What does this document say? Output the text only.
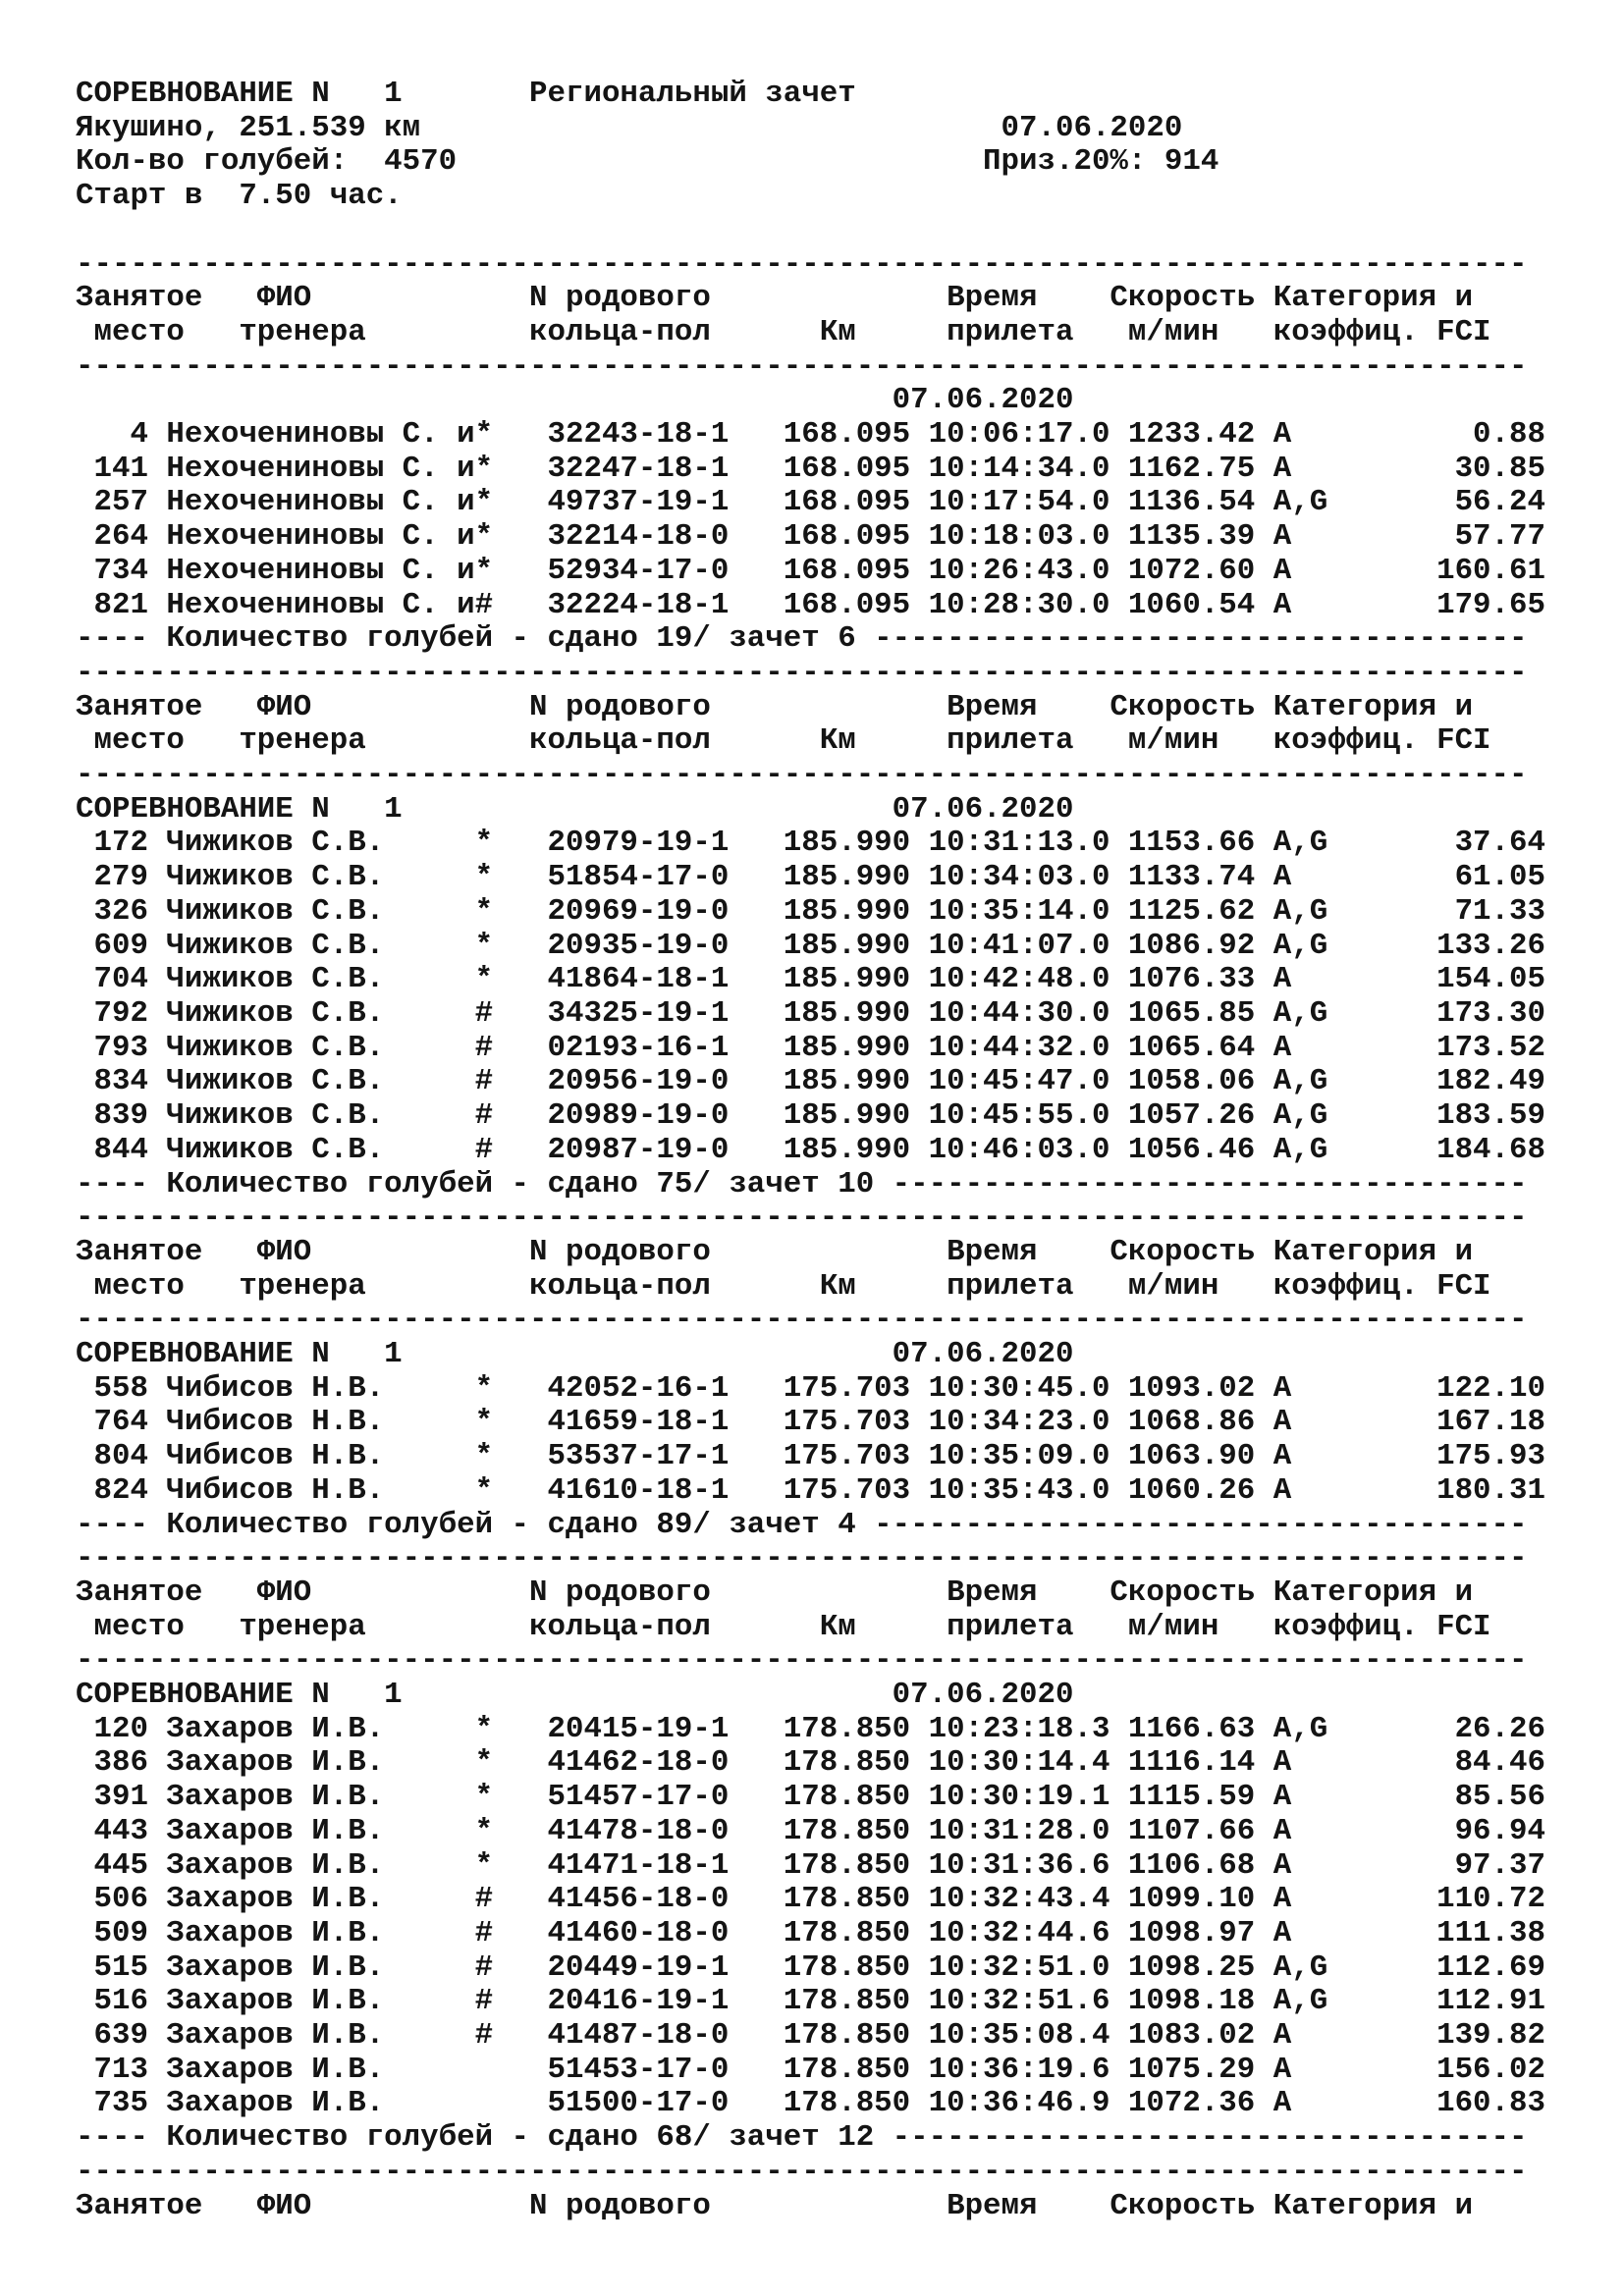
СОРЕВНОВАНИЕ N   1       Региональный зачет
Якушино, 251.539 км                                07.06.2020
Кол-во голубей:  4570                             Приз.20%: 914
Старт в  7.50 час.

--------------------------------------------------------------------------------
Занятое   ФИО            N родового             Время    Скорость Категория и
место   тренера         кольца-пол      Км     прилета   м/мин   коэффиц. FCI
--------------------------------------------------------------------------------
07.06.2020
4 Нехоченинoвы С. и*   32243-18-1   168.095 10:06:17.0 1233.42 A          0.88
141 Нехоченинoвы С. и*   32247-18-1   168.095 10:14:34.0 1162.75 A         30.85
257 Нехоченинoвы С. и*   49737-19-1   168.095 10:17:54.0 1136.54 A,G       56.24
264 Нехоченинoвы С. и*   32214-18-0   168.095 10:18:03.0 1135.39 A         57.77
734 Нехоченинoвы С. и*   52934-17-0   168.095 10:26:43.0 1072.60 A        160.61
821 Нехоченинoвы С. и#   32224-18-1   168.095 10:28:30.0 1060.54 A        179.65
---- Количество голубей - сдано 19/ зачет 6 ------------------------------------
--------------------------------------------------------------------------------
Занятое   ФИО            N родового             Время    Скорость Категория и
место   тренера         кольца-пол      Км     прилета   м/мин   коэффиц. FCI
--------------------------------------------------------------------------------
СОРЕВНОВАНИЕ N   1                           07.06.2020
172 Чижиков С.В.     *   20979-19-1   185.990 10:31:13.0 1153.66 A,G       37.64
279 Чижиков С.В.     *   51854-17-0   185.990 10:34:03.0 1133.74 A         61.05
326 Чижиков С.В.     *   20969-19-0   185.990 10:35:14.0 1125.62 A,G       71.33
609 Чижиков С.В.     *   20935-19-0   185.990 10:41:07.0 1086.92 A,G      133.26
704 Чижиков С.В.     *   41864-18-1   185.990 10:42:48.0 1076.33 A        154.05
792 Чижиков С.В.     #   34325-19-1   185.990 10:44:30.0 1065.85 A,G      173.30
793 Чижиков С.В.     #   02193-16-1   185.990 10:44:32.0 1065.64 A        173.52
834 Чижиков С.В.     #   20956-19-0   185.990 10:45:47.0 1058.06 A,G      182.49
839 Чижиков С.В.     #   20989-19-0   185.990 10:45:55.0 1057.26 A,G      183.59
844 Чижиков С.В.     #   20987-19-0   185.990 10:46:03.0 1056.46 A,G      184.68
---- Количество голубей - сдано 75/ зачет 10 -----------------------------------
--------------------------------------------------------------------------------
Занятое   ФИО            N родового             Время    Скорость Категория и
место   тренера         кольца-пол      Км     прилета   м/мин   коэффиц. FCI
--------------------------------------------------------------------------------
СОРЕВНОВАНИЕ N   1                           07.06.2020
558 Чибисов Н.В.     *   42052-16-1   175.703 10:30:45.0 1093.02 A        122.10
764 Чибисов Н.В.     *   41659-18-1   175.703 10:34:23.0 1068.86 A        167.18
804 Чибисов Н.В.     *   53537-17-1   175.703 10:35:09.0 1063.90 A        175.93
824 Чибисов Н.В.     *   41610-18-1   175.703 10:35:43.0 1060.26 A        180.31
---- Количество голубей - сдано 89/ зачет 4 ------------------------------------
--------------------------------------------------------------------------------
Занятое   ФИО            N родового             Время    Скорость Категория и
место   тренера         кольца-пол      Км     прилета   м/мин   коэффиц. FCI
--------------------------------------------------------------------------------
СОРЕВНОВАНИЕ N   1                           07.06.2020
120 Захаров И.В.     *   20415-19-1   178.850 10:23:18.3 1166.63 A,G       26.26
386 Захаров И.В.     *   41462-18-0   178.850 10:30:14.4 1116.14 A         84.46
391 Захаров И.В.     *   51457-17-0   178.850 10:30:19.1 1115.59 A         85.56
443 Захаров И.В.     *   41478-18-0   178.850 10:31:28.0 1107.66 A         96.94
445 Захаров И.В.     *   41471-18-1   178.850 10:31:36.6 1106.68 A         97.37
506 Захаров И.В.     #   41456-18-0   178.850 10:32:43.4 1099.10 A        110.72
509 Захаров И.В.     #   41460-18-0   178.850 10:32:44.6 1098.97 A        111.38
515 Захаров И.В.     #   20449-19-1   178.850 10:32:51.0 1098.25 A,G      112.69
516 Захаров И.В.     #   20416-19-1   178.850 10:32:51.6 1098.18 A,G      112.91
639 Захаров И.В.     #   41487-18-0   178.850 10:35:08.4 1083.02 A        139.82
713 Захаров И.В.         51453-17-0   178.850 10:36:19.6 1075.29 A        156.02
735 Захаров И.В.         51500-17-0   178.850 10:36:46.9 1072.36 A        160.83
---- Количество голубей - сдано 68/ зачет 12 -----------------------------------
--------------------------------------------------------------------------------
Занятое   ФИО            N родового             Время    Скорость Категория и
